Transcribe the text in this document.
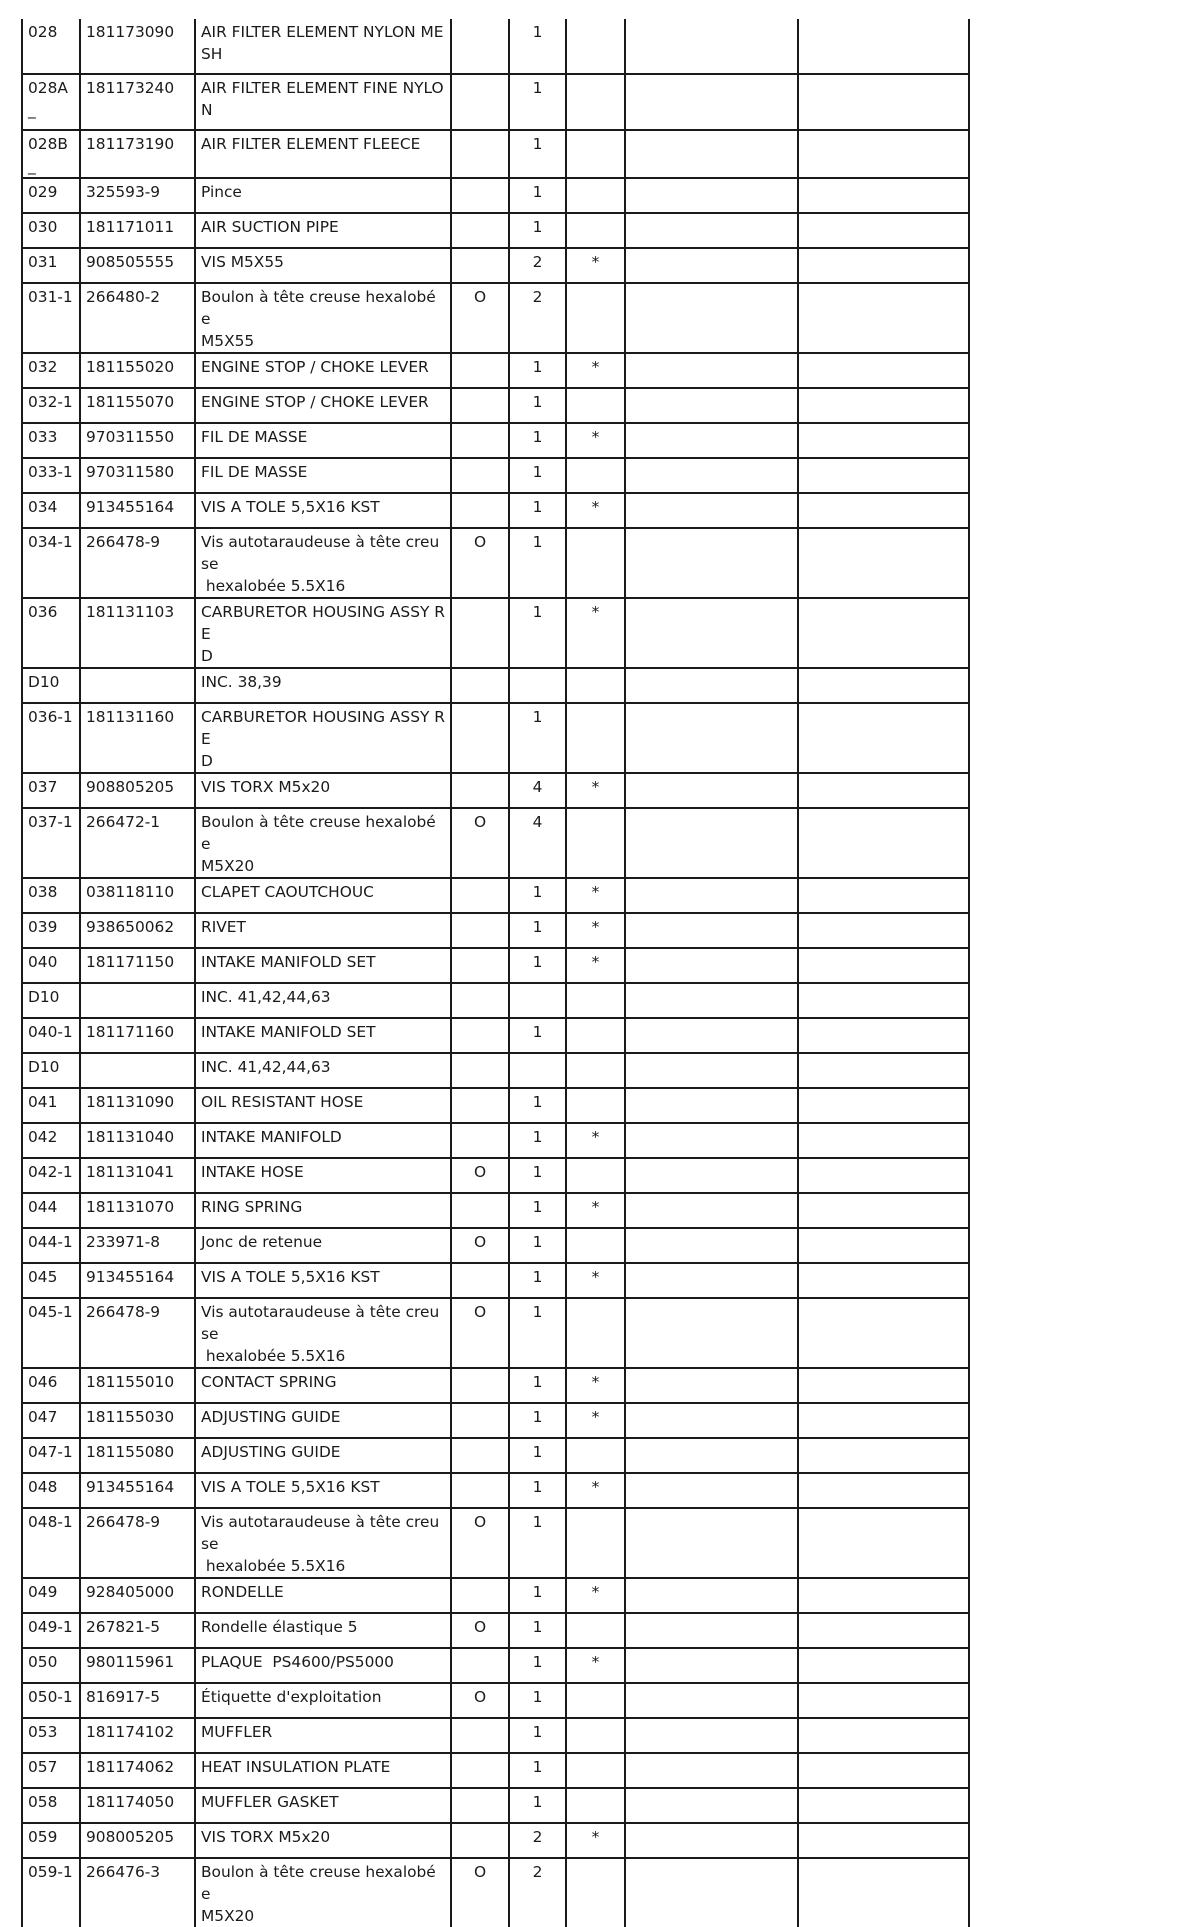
028	181173090	AIR FILTER ELEMENT NYLON ME
SH		1			
028A_	181173240	AIR FILTER ELEMENT FINE NYLO
N		1			
028B_	181173190	AIR FILTER ELEMENT FLEECE		1			
029	325593-9	Pince		1			
030	181171011	AIR SUCTION PIPE		1			
031	908505555	VIS M5X55		2	*		
031-1	266480-2	Boulon à tête creuse hexalobée
M5X55	O	2			
032	181155020	ENGINE STOP / CHOKE LEVER		1	*		
032-1	181155070	ENGINE STOP / CHOKE LEVER		1			
033	970311550	FIL DE MASSE		1	*		
033-1	970311580	FIL DE MASSE		1			
034	913455164	VIS A TOLE 5,5X16 KST		1	*		
034-1	266478-9	Vis autotaraudeuse à tête creuse
hexalobée 5.5X16	O	1			
036	181131103	CARBURETOR HOUSING ASSY RE
D		1	*		
D10		INC. 38,39					
036-1	181131160	CARBURETOR HOUSING ASSY RE
D		1			
037	908805205	VIS TORX M5x20		4	*		
037-1	266472-1	Boulon à tête creuse hexalobée
M5X20	O	4			
038	038118110	CLAPET CAOUTCHOUC		1	*		
039	938650062	RIVET		1	*		
040	181171150	INTAKE MANIFOLD SET		1	*		
D10		INC. 41,42,44,63					
040-1	181171160	INTAKE MANIFOLD SET		1			
D10		INC. 41,42,44,63					
041	181131090	OIL RESISTANT HOSE		1			
042	181131040	INTAKE MANIFOLD		1	*		
042-1	181131041	INTAKE HOSE	O	1			
044	181131070	RING SPRING		1	*		
044-1	233971-8	Jonc de retenue	O	1			
045	913455164	VIS A TOLE 5,5X16 KST		1	*		
045-1	266478-9	Vis autotaraudeuse à tête creuse
hexalobée 5.5X16	O	1			
046	181155010	CONTACT SPRING		1	*		
047	181155030	ADJUSTING GUIDE		1	*		
047-1	181155080	ADJUSTING GUIDE		1			
048	913455164	VIS A TOLE 5,5X16 KST		1	*		
048-1	266478-9	Vis autotaraudeuse à tête creuse
hexalobée 5.5X16	O	1			
049	928405000	RONDELLE		1	*		
049-1	267821-5	Rondelle élastique 5	O	1			
050	980115961	PLAQUE  PS4600/PS5000		1	*		
050-1	816917-5	Étiquette d'exploitation	O	1			
053	181174102	MUFFLER		1			
057	181174062	HEAT INSULATION PLATE		1			
058	181174050	MUFFLER GASKET		1			
059	908005205	VIS TORX M5x20		2	*		
059-1	266476-3	Boulon à tête creuse hexalobée
M5X20	O	2			
